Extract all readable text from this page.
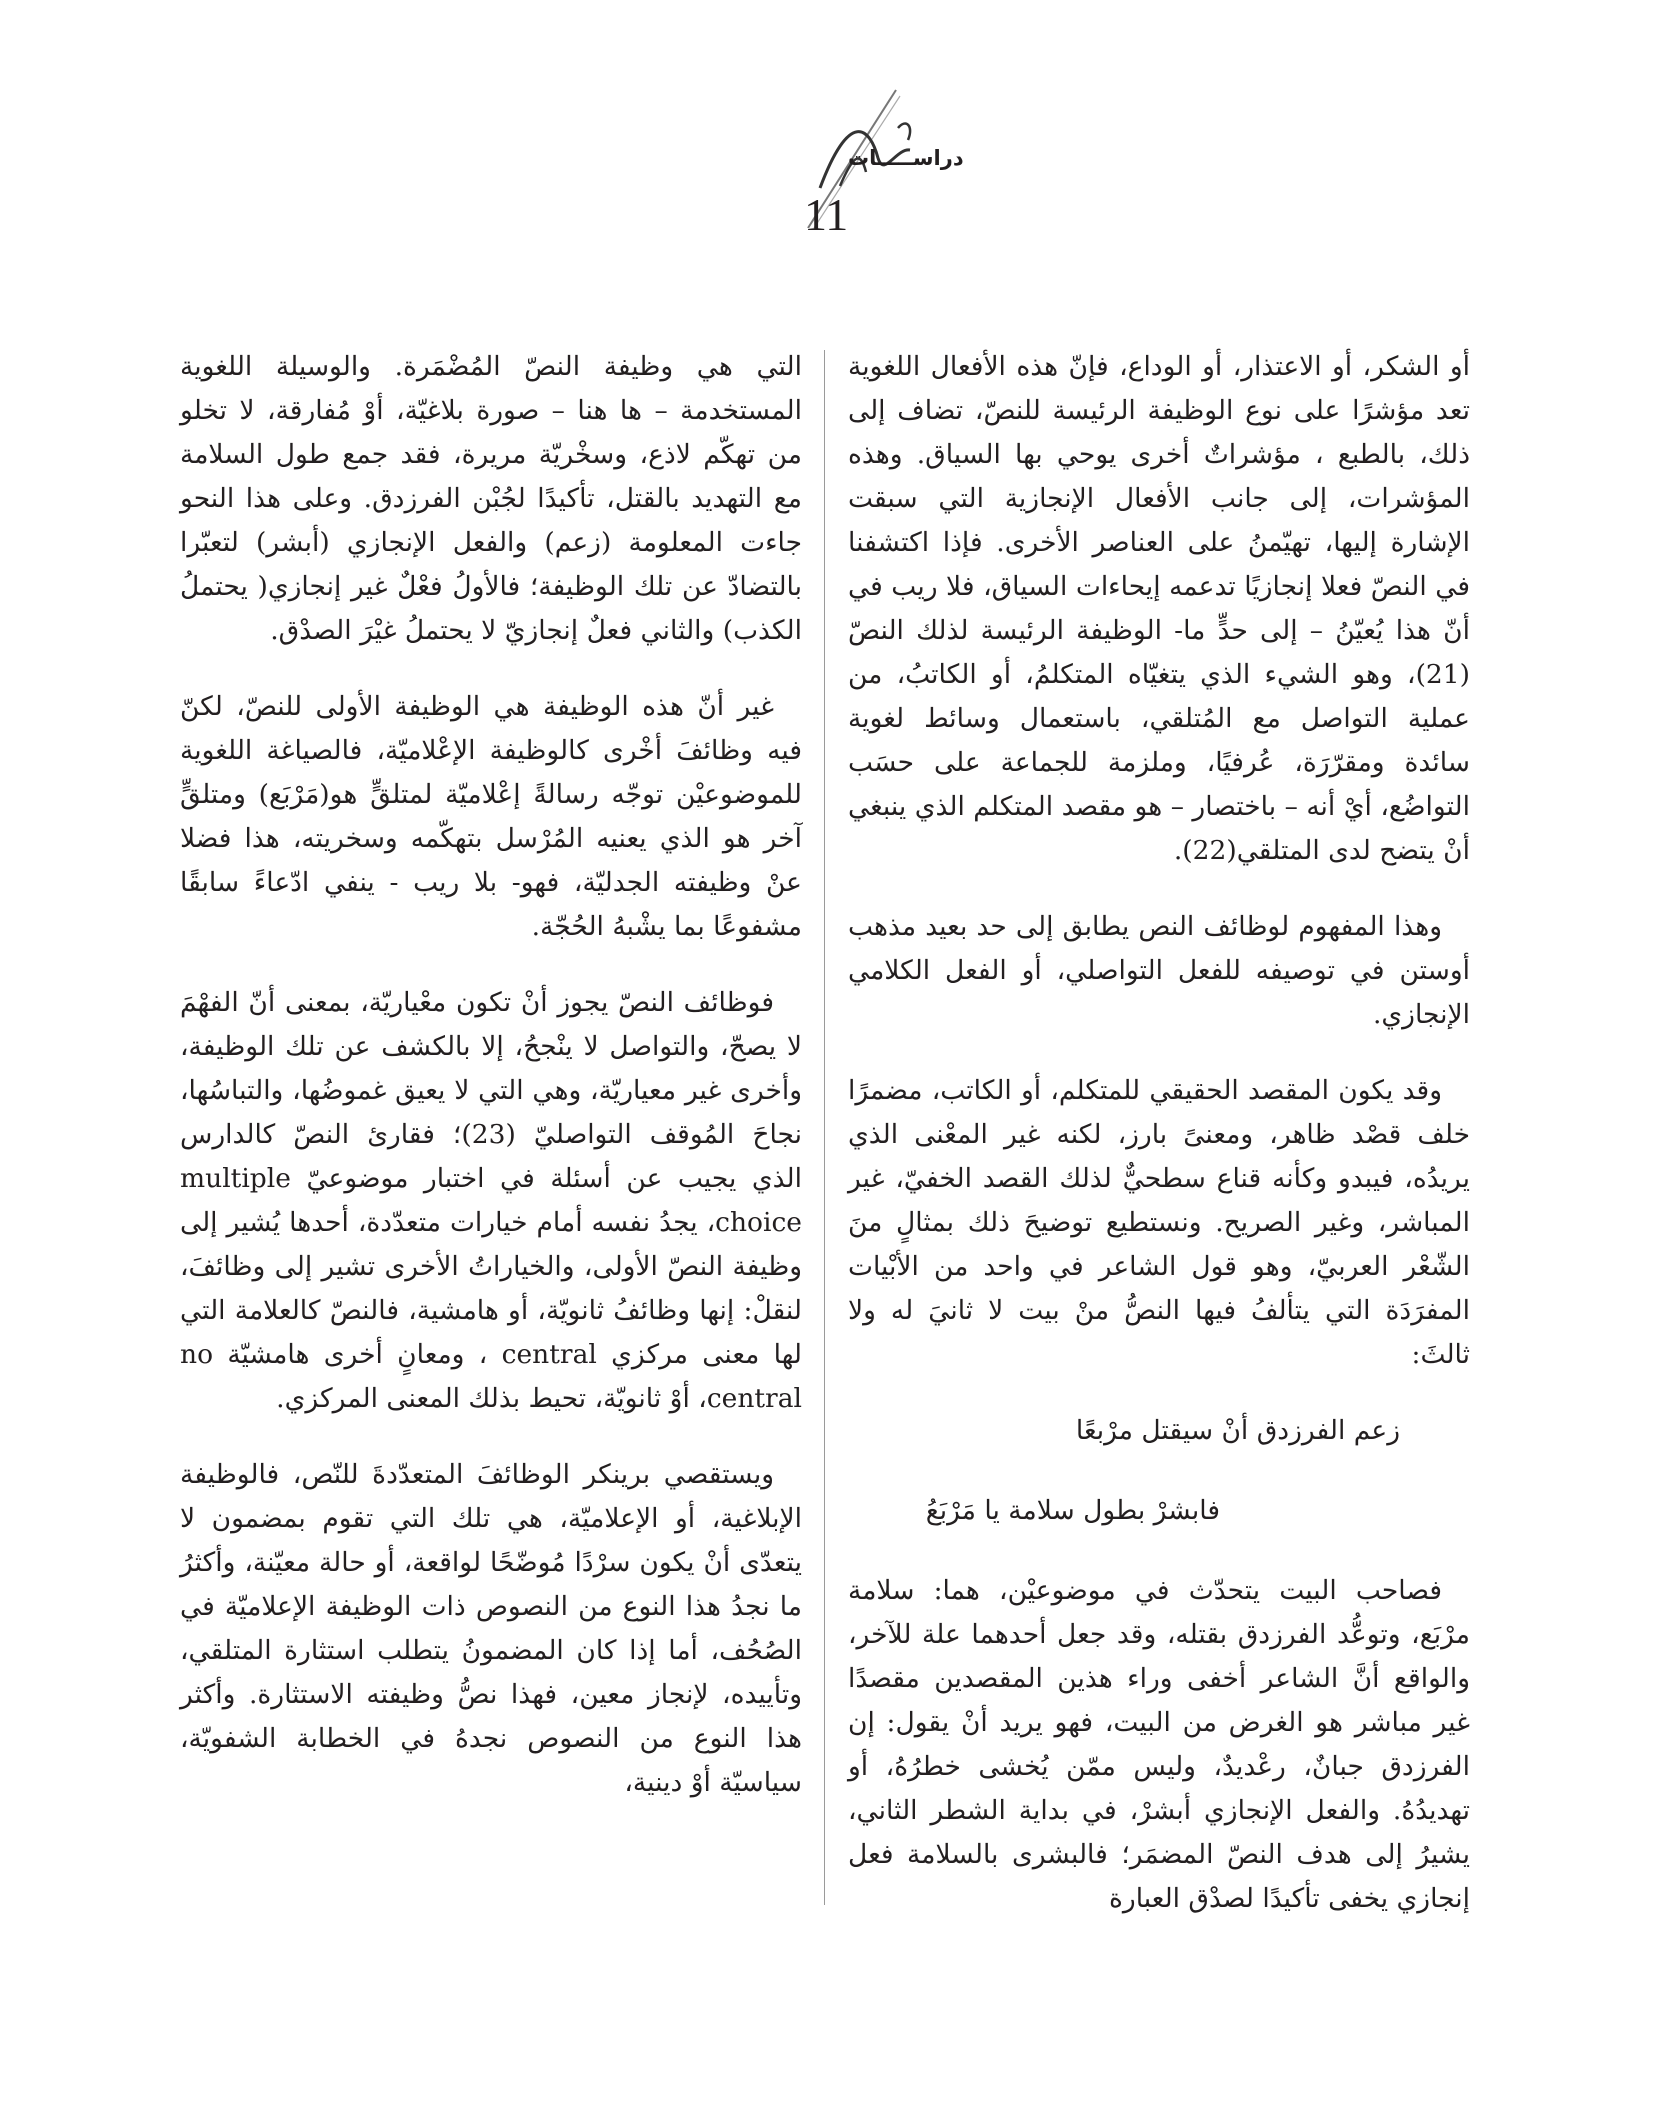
دراســـــات
11

أو الشكر، أو الاعتذار، أو الوداع، فإنّ هذه الأفعال اللغوية تعد مؤشرًا على نوع الوظيفة الرئيسة للنصّ، تضاف إلى ذلك، بالطبع ، مؤشراتٌ أخرى يوحي بها السياق. وهذه المؤشرات، إلى جانب الأفعال الإنجازية التي سبقت الإشارة إليها، تهيّمنُ على العناصر الأخرى. فإذا اكتشفنا في النصّ فعلا إنجازيًا تدعمه إيحاءات السياق، فلا ريب في أنّ هذا يُعيّنُ – إلى حدٍّ ما- الوظيفة الرئيسة لذلك النصّ (21)، وهو الشيء الذي يتغيّاه المتكلمُ، أو الكاتبُ، من عملية التواصل مع المُتلقي، باستعمال وسائط لغوية سائدة ومقرّرَة، عُرفيًا، وملزمة للجماعة على حسَب التواضُع، أيْ أنه – باختصار – هو مقصد المتكلم الذي ينبغي أنْ يتضح لدى المتلقي(22).

وهذا المفهوم لوظائف النص يطابق إلى حد بعيد مذهب أوستن في توصيفه للفعل التواصلي، أو الفعل الكلامي الإنجازي.

وقد يكون المقصد الحقيقي للمتكلم، أو الكاتب، مضمرًا خلف قصْد ظاهر، ومعنىً بارز، لكنه غير المعْنى الذي يريدُه، فيبدو وكأنه قناع سطحيٌّ لذلك القصد الخفيّ، غير المباشر، وغير الصريح. ونستطيع توضيحَ ذلك بمثالٍ منَ الشّعْر العربيّ، وهو قول الشاعر في واحد من الأبْيات المفرَدَة التي يتألفُ فيها النصُّ منْ بيت لا ثانيَ له ولا ثالثَ:

زعم الفرزدق أنْ سيقتل مرْبعًا
فابشرْ بطول سلامة يا مَرْبَعُ

فصاحب البيت يتحدّث في موضوعيْن، هما: سلامة مرْبَع، وتوعُّد الفرزدق بقتله، وقد جعل أحدهما علة للآخر، والواقع أنَّ الشاعر أخفى وراء هذين المقصدين مقصدًا غير مباشر هو الغرض من البيت، فهو يريد أنْ يقول: إن الفرزدق جبانٌ، رعْديدٌ، وليس ممّن يُخشى خطرُهُ، أو تهديدُهُ. والفعل الإنجازي أبشرْ، في بداية الشطر الثاني، يشيرُ إلى هدف النصّ المضمَر؛ فالبشرى بالسلامة فعل إنجازي يخفى تأكيدًا لصدْق العبارة

التي هي وظيفة النصّ المُضْمَرة. والوسيلة اللغوية المستخدمة – ها هنا – صورة بلاغيّة، أوْ مُفارقة، لا تخلو من تهكّم لاذع، وسخْريّة مريرة، فقد جمع طول السلامة مع التهديد بالقتل، تأكيدًا لجُبْن الفرزدق. وعلى هذا النحو جاءت المعلومة (زعم) والفعل الإنجازي (أبشر) لتعبّرا بالتضادّ عن تلك الوظيفة؛ فالأولُ فعْلٌ غير إنجازي( يحتملُ الكذب) والثاني فعلٌ إنجازيّ لا يحتملُ غيْرَ الصدْق.

غير أنّ هذه الوظيفة هي الوظيفة الأولى للنصّ، لكنّ فيه وظائفَ أخْرى كالوظيفة الإعْلاميّة، فالصياغة اللغوية للموضوعيْن توجّه رسالةً إعْلاميّة لمتلقٍّ هو(مَرْبَع) ومتلقٍّ آخر هو الذي يعنيه المُرْسل بتهكّمه وسخريته، هذا فضلا عنْ وظيفته الجدليّة، فهو- بلا ريب - ينفي ادّعاءً سابقًا مشفوعًا بما يشْبهُ الحُجّة.

فوظائف النصّ يجوز أنْ تكون معْياريّة، بمعنى أنّ الفهْمَ لا يصحّ، والتواصل لا ينْجحُ، إلا بالكشف عن تلك الوظيفة، وأخرى غير معياريّة، وهي التي لا يعيق غموضُها، والتباسُها، نجاحَ المُوقف التواصليّ (23)؛ فقارئ النصّ كالدارس الذي يجيب عن أسئلة في اختبار موضوعيّ multiple choice، يجدُ نفسه أمام خيارات متعدّدة، أحدها يُشير إلى وظيفة النصّ الأولى، والخياراتُ الأخرى تشير إلى وظائفَ، لنقلْ: إنها وظائفُ ثانويّة، أو هامشية، فالنصّ كالعلامة التي لها معنى مركزي central ، ومعانٍ أخرى هامشيّة no central، أوْ ثانويّة، تحيط بذلك المعنى المركزي.

ويستقصي برينكر الوظائفَ المتعدّدةَ للنّص، فالوظيفة الإبلاغية، أو الإعلاميّة، هي تلك التي تقوم بمضمون لا يتعدّى أنْ يكون سرْدًا مُوضّحًا لواقعة، أو حالة معيّنة، وأكثرُ ما نجدُ هذا النوع من النصوص ذات الوظيفة الإعلاميّة في الصُحُف، أما إذا كان المضمونُ يتطلب استثارة المتلقي، وتأييده، لإنجاز معين، فهذا نصُّ وظيفته الاستثارة. وأكثر هذا النوع من النصوص نجدهُ في الخطابة الشفويّة، سياسيّة أوْ دينية،
